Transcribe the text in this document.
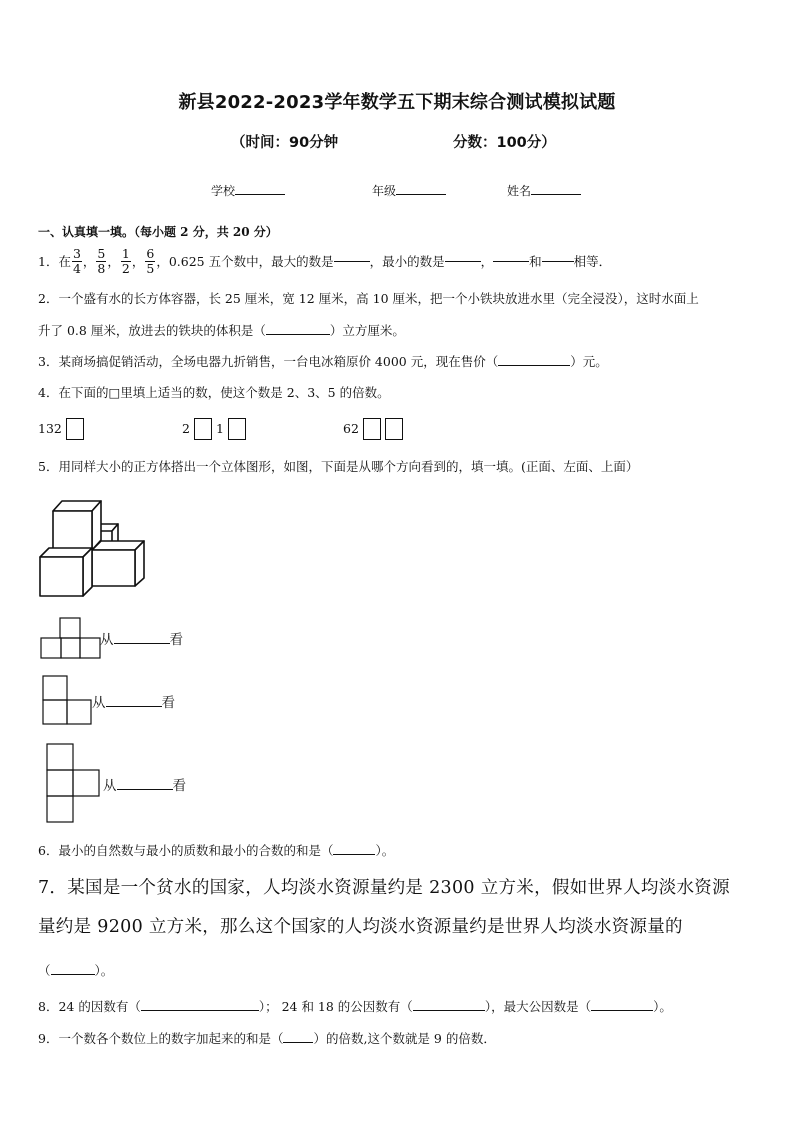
新县2022-2023学年数学五下期末综合测试模拟试题
（时间：90分钟	分数：100分）
学校	年级	姓名
一、认真填一填。（每小题 2 分，共 20 分）
1．在 $\frac{3}{4}$ ， $\frac{5}{8}$ ， $\frac{1}{2}$ ， $\frac{6}{5}$ ，0.625 五个数中，最大的数是	，最小的数是	，	和	相等．
2．一个盛有水的长方体容器，长 25 厘米，宽 12 厘米，高 10 厘米，把一个小铁块放进水里（完全浸没），这时水面上
升了 0.8 厘米，放进去的铁块的体积是（	）立方厘米。
3．某商场搞促销活动，全场电器九折销售，一台电冰箱原价 4000 元，现在售价（	）元。
4．在下面的□里填上适当的数，使这个数是 2、3、5 的倍数。
132	2 1	62
5．用同样大小的正方体搭出一个立体图形，如图，下面是从哪个方向看到的，填一填。(正面、左面、上面）
从	看
从	看
从	看
6．最小的自然数与最小的质数和最小的合数的和是（	）。
7．某国是一个贫水的国家，人均淡水资源量约是 2300 立方米，假如世界人均淡水资源
量约是 9200 立方米，那么这个国家的人均淡水资源量约是世界人均淡水资源量的
（	）。
8．24 的因数有（	）； 24 和 18 的公因数有（	），最大公因数是（	）。
9．一个数各个数位上的数字加起来的和是（ ）的倍数,这个数就是 9 的倍数．
